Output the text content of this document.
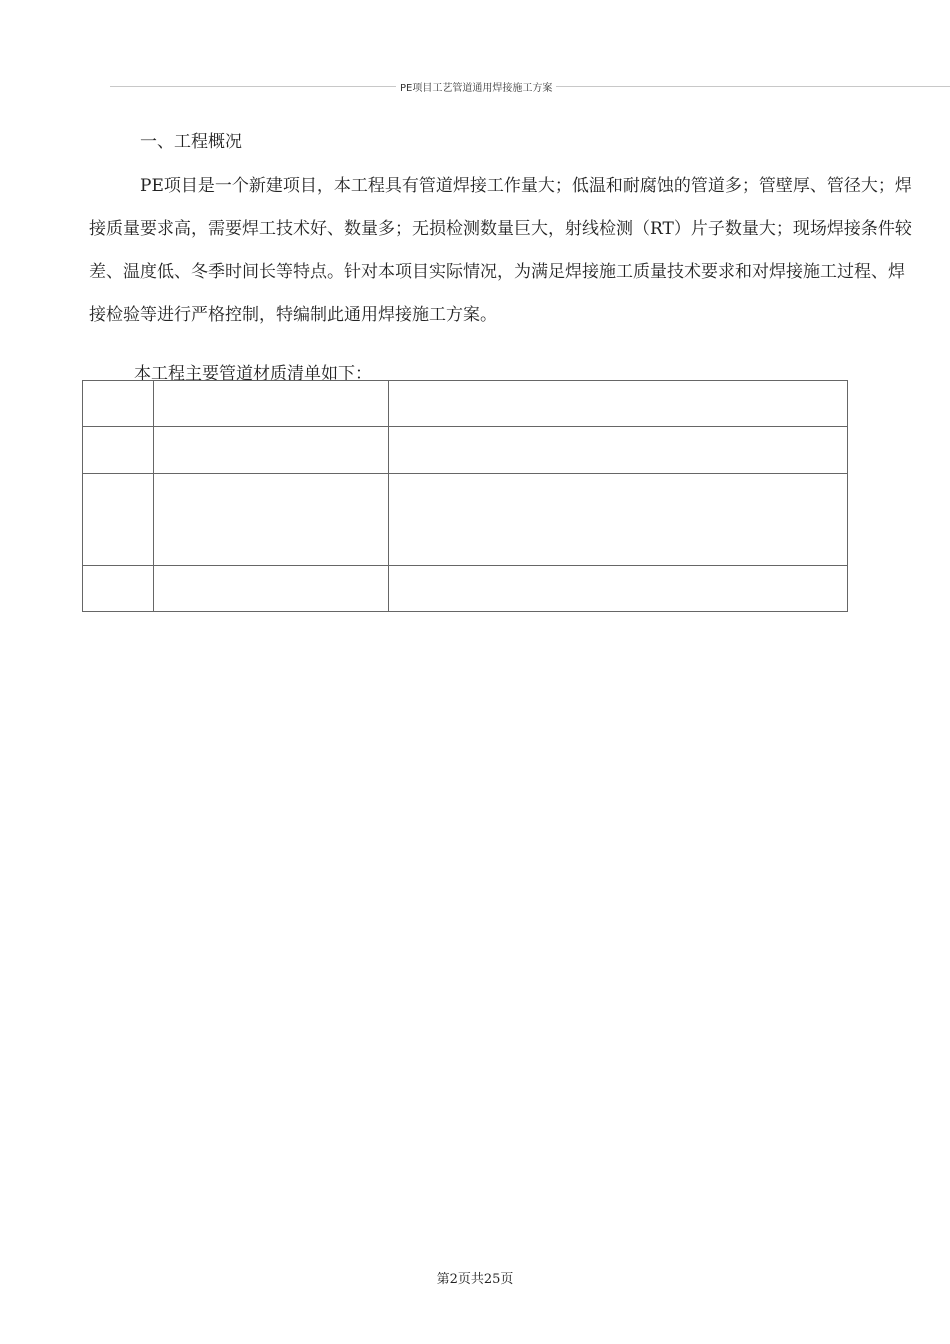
PE项目工艺管道通用焊接施工方案
一、工程概况

PE项目是一个新建项目，本工程具有管道焊接工作量大；低温和耐腐蚀的管道多；管壁厚、管径大；焊接质量要求高，需要焊工技术好、数量多；无损检测数量巨大，射线检测（RT）片子数量大；现场焊接条件较差、温度低、冬季时间长等特点。针对本项目实际情况，为满足焊接施工质量技术要求和对焊接施工过程、焊接检验等进行严格控制，特编制此通用焊接施工方案。

本工程主要管道材质清单如下：

第2页共25页
